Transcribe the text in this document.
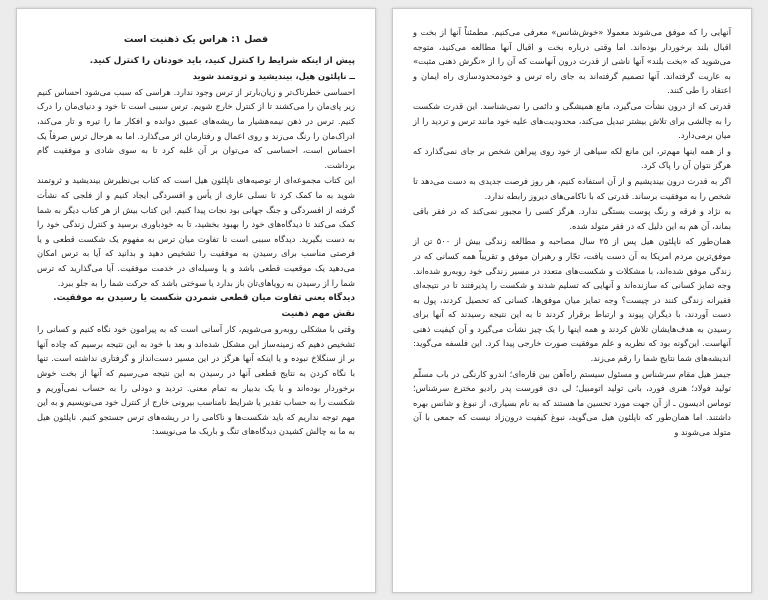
فصل ۱: هراس یک ذهنیت است

پیش از اینکه شرایط را کنترل کنید، باید خودتان را کنترل کنید.

ــ ناپلئون هیل، بیندیشید و ثروتمند شوید

احساسی خطرناک‌تر و زیان‌بارتر از ترس وجود ندارد. هراسی که سبب می‌شود احساس کنیم زیر پای‌مان را می‌کشند تا از کنترل خارج شویم. ترس سببی است تا خود و دنیای‌مان را درک کنیم. ترس در ذهن نیمه‌هشیار ما ریشه‌های عمیق دوانده و افکار ما را تیره و تار می‌کند، ادراک‌مان را رنگ می‌زند و روی اعمال و رفتارمان اثر می‌گذارد. اما به هرحال ترس صرفاً یک احساس است، احساسی که می‌توان بر آن غلبه کرد تا به سوی شادی و موفقیت گام برداشت.

این کتاب مجموعه‌ای از توصیه‌های ناپلئون هیل است که کتاب بی‌نظیرش بیندیشید و ثروتمند شوید به ما کمک کرد تا نسلی عاری از یأس و افسردگی ایجاد کنیم و از فلجی که نشأت گرفته از افسردگی و جنگ جهانی بود نجات پیدا کنیم. این کتاب بیش از هر کتاب دیگر به شما کمک می‌کند تا دیدگاه‌های خود را بهبود بخشید، تا به خودباوری برسید و کنترل زندگی خود را به دست بگیرید. دیدگاه سببی است تا تفاوت میان ترس به مفهوم یک شکست قطعی و یا فرصتی مناسب برای رسیدن به موفقیت را تشخیص دهید و بدانید که آیا به ترس امکان می‌دهید یک موقعیت قطعی باشد و یا وسیله‌ای در خدمت موفقیت. آیا می‌گذارید که ترس شما را از رسیدن به رویاهای‌تان باز بدارد یا سوختی باشد که حرکت شما را به جلو ببرد.

دیدگاه یعنی تفاوت میان قطعی شمردن شکست یا رسیدن به موفقیت.

نقش مهم ذهنیت

وقتی با مشکلی روبه‌رو می‌شویم، کار آسانی است که به پیرامون خود نگاه کنیم و کسانی را تشخیص دهیم که زمینه‌ساز این مشکل شده‌اند و بعد با خود به این نتیجه برسیم که چاده آنها بر از سنگلاخ نبوده و یا اینکه آنها هرگز در این مسیر دست‌انداز و گرفتاری نداشته است. تنها با نگاه کردن به نتایج قطعی آنها در رسیدن به این نتیجه می‌رسیم که آنها از بخت خوش برخوردار بوده‌اند و با یک بدبیار به تمام معنی. تردید و دودلی را به حساب نمی‌آوریم و شکست را به حساب تقدیر یا شرایط نامناسب بیرونی خارج از کنترل خود می‌نویسیم و به این مهم توجه نداریم که باید شکست‌ها و ناکامی را در ریشه‌های ترس جستجو کنیم. ناپلئون هیل به ما به چالش کشیدن دیدگاه‌های تنگ و باریک ما می‌نویسد:

آنهایی را که موفق می‌شوند معمولا «خوش‌شانس» معرفی می‌کنیم. مطمئناً آنها از بخت و اقبال بلند برخوردار بوده‌اند. اما وقتی درباره بخت و اقبال آنها مطالعه می‌کنید، متوجه می‌شوید که «بخت بلند» آنها ناشی از قدرت درون آنهاست که آن را از «نگرش ذهنی مثبت» به عاریت گرفته‌اند. آنها تصمیم گرفته‌اند به جای راه ترس و خودمحدودسازی راه ایمان و اعتقاد را طی کنند.

قدرتی که از درون نشأت می‌گیرد، مانع همیشگی و دائمی را نمی‌شناسد. این قدرت شکست را به چالشی برای تلاش بیشتر تبدیل می‌کند، محدودیت‌های علیه خود مانند ترس و تردید را از میان برمی‌دارد.

و از همه اینها مهم‌تر، این مانع لکه سیاهی از خود روی پیراهن شخص بر جای نمی‌گذارد که هرگز نتوان آن را پاک کرد.

اگر به قدرت درون بیندیشیم و از آن استفاده کنیم، هر روز فرصت جدیدی به دست می‌دهد تا شخص را به موفقیت برساند. قدرتی که با ناکامی‌های دیروز رابطه ندارد.

به نژاد و فرقه و رنگ پوست بستگی ندارد. هرگز کسی را مجبور نمی‌کند که در فقر باقی بماند، آن هم به این دلیل که در فقر متولد شده.

همان‌طور که ناپلئون هیل پس از ۲۵ سال مصاحبه و مطالعه زندگی بیش از ۵۰۰ تن از موفق‌ترین مردم امریکا به آن دست یافت، تجّار و رهبران موفق و تقریباً همه کسانی که در زندگی موفق شده‌اند، با مشکلات و شکست‌های متعدد در مسیر زندگی خود روبه‌رو شده‌اند. وجه تمایز کسانی که سازنده‌اند و آنهایی که تسلیم شدند و شکست را پذیرفتند تا در نتیجه‌ای فقیرانه زندگی کنند در چیست؟ وجه تمایز میان موفق‌ها، کسانی که تحصیل کردند، پول به دست آوردند، با دیگران پیوند و ارتباط برقرار کردند تا به این نتیجه رسیدند که آنها برای رسیدن به هدف‌هایشان تلاش کردند و همه اینها را یک چیز نشأت می‌گیرد و آن کیفیت ذهنی آنهاست. این‌گونه بود که نظریه و علم موفقیت صورت خارجی پیدا کرد. این فلسفه می‌گوید: اندیشه‌های شما نتایج شما را رقم می‌زند.

جیمز هیل مقام سرشناس و مسئول سیستم راه‌آهن بین قاره‌ای؛ اندرو کارنگی در باب مسلّم تولید فولاد؛ هنری فورد، بانی تولید اتومبیل؛ لی دی فورست پدر رادیو مخترع سرشناس؛ توماس ادیسون ـ از آن جهت مورد تحسین ما هستند که به نام بسیاری، از نبوغ و شانس بهره داشتند. اما همان‌طور که ناپلئون هیل می‌گوید، نبوغ کیفیت درون‌زاد نیست که جمعی با آن متولد می‌شوند و
